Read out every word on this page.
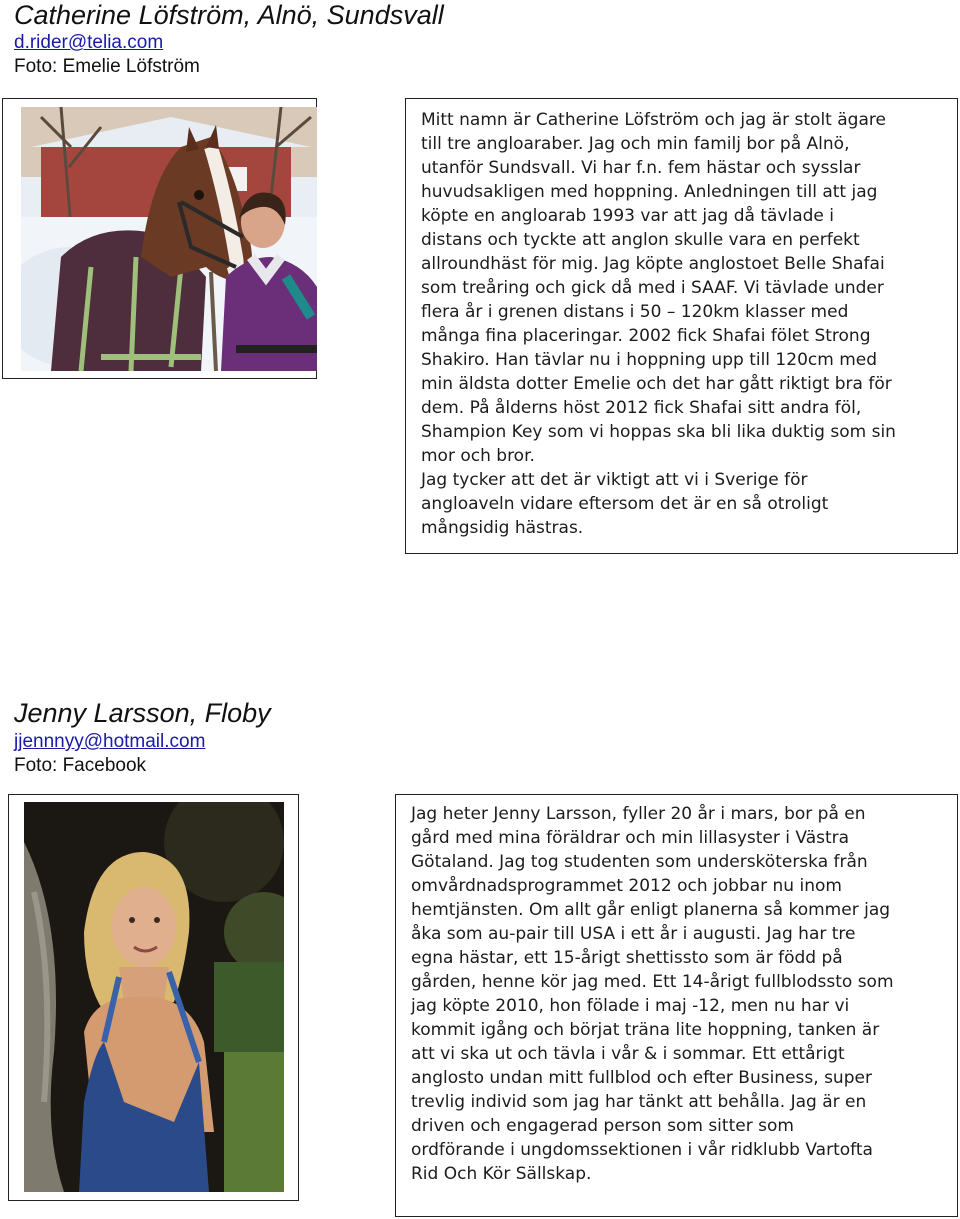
Catherine Löfström, Alnö, Sundsvall
d.rider@telia.com
Foto: Emelie Löfström

Mitt namn är Catherine Löfström och jag är stolt ägare
till tre angloaraber. Jag och min familj bor på Alnö,
utanför Sundsvall. Vi har f.n. fem hästar och sysslar
huvudsakligen med hoppning. Anledningen till att jag
köpte en angloarab 1993 var att jag då tävlade i
distans och tyckte att anglon skulle vara en perfekt
allroundhäst för mig. Jag köpte anglostoet Belle Shafai
som treåring och gick då med i SAAF. Vi tävlade under
flera år i grenen distans i 50 – 120km klasser med
många fina placeringar. 2002 fick Shafai fölet Strong
Shakiro. Han tävlar nu i hoppning upp till 120cm med
min äldsta dotter Emelie och det har gått riktigt bra för
dem. På ålderns höst 2012 fick Shafai sitt andra föl,
Shampion Key som vi hoppas ska bli lika duktig som sin
mor och bror.
Jag tycker att det är viktigt att vi i Sverige för
angloaveln vidare eftersom det är en så otroligt
mångsidig hästras.

Jenny Larsson, Floby
jjennnyy@hotmail.com
Foto: Facebook

Jag heter Jenny Larsson, fyller 20 år i mars, bor på en
gård med mina föräldrar och min lillasyster i Västra
Götaland. Jag tog studenten som undersköterska från
omvårdnadsprogrammet 2012 och jobbar nu inom
hemtjänsten. Om allt går enligt planerna så kommer jag
åka som au-pair till USA i ett år i augusti. Jag har tre
egna hästar, ett 15-årigt shettissto som är född på
gården, henne kör jag med. Ett 14-årigt fullblodssto som
jag köpte 2010, hon fölade i maj -12, men nu har vi
kommit igång och börjat träna lite hoppning, tanken är
att vi ska ut och tävla i vår & i sommar. Ett ettårigt
anglosto undan mitt fullblod och efter Business, super
trevlig individ som jag har tänkt att behålla. Jag är en
driven och engagerad person som sitter som
ordförande i ungdomssektionen i vår ridklubb Vartofta
Rid Och Kör Sällskap.
